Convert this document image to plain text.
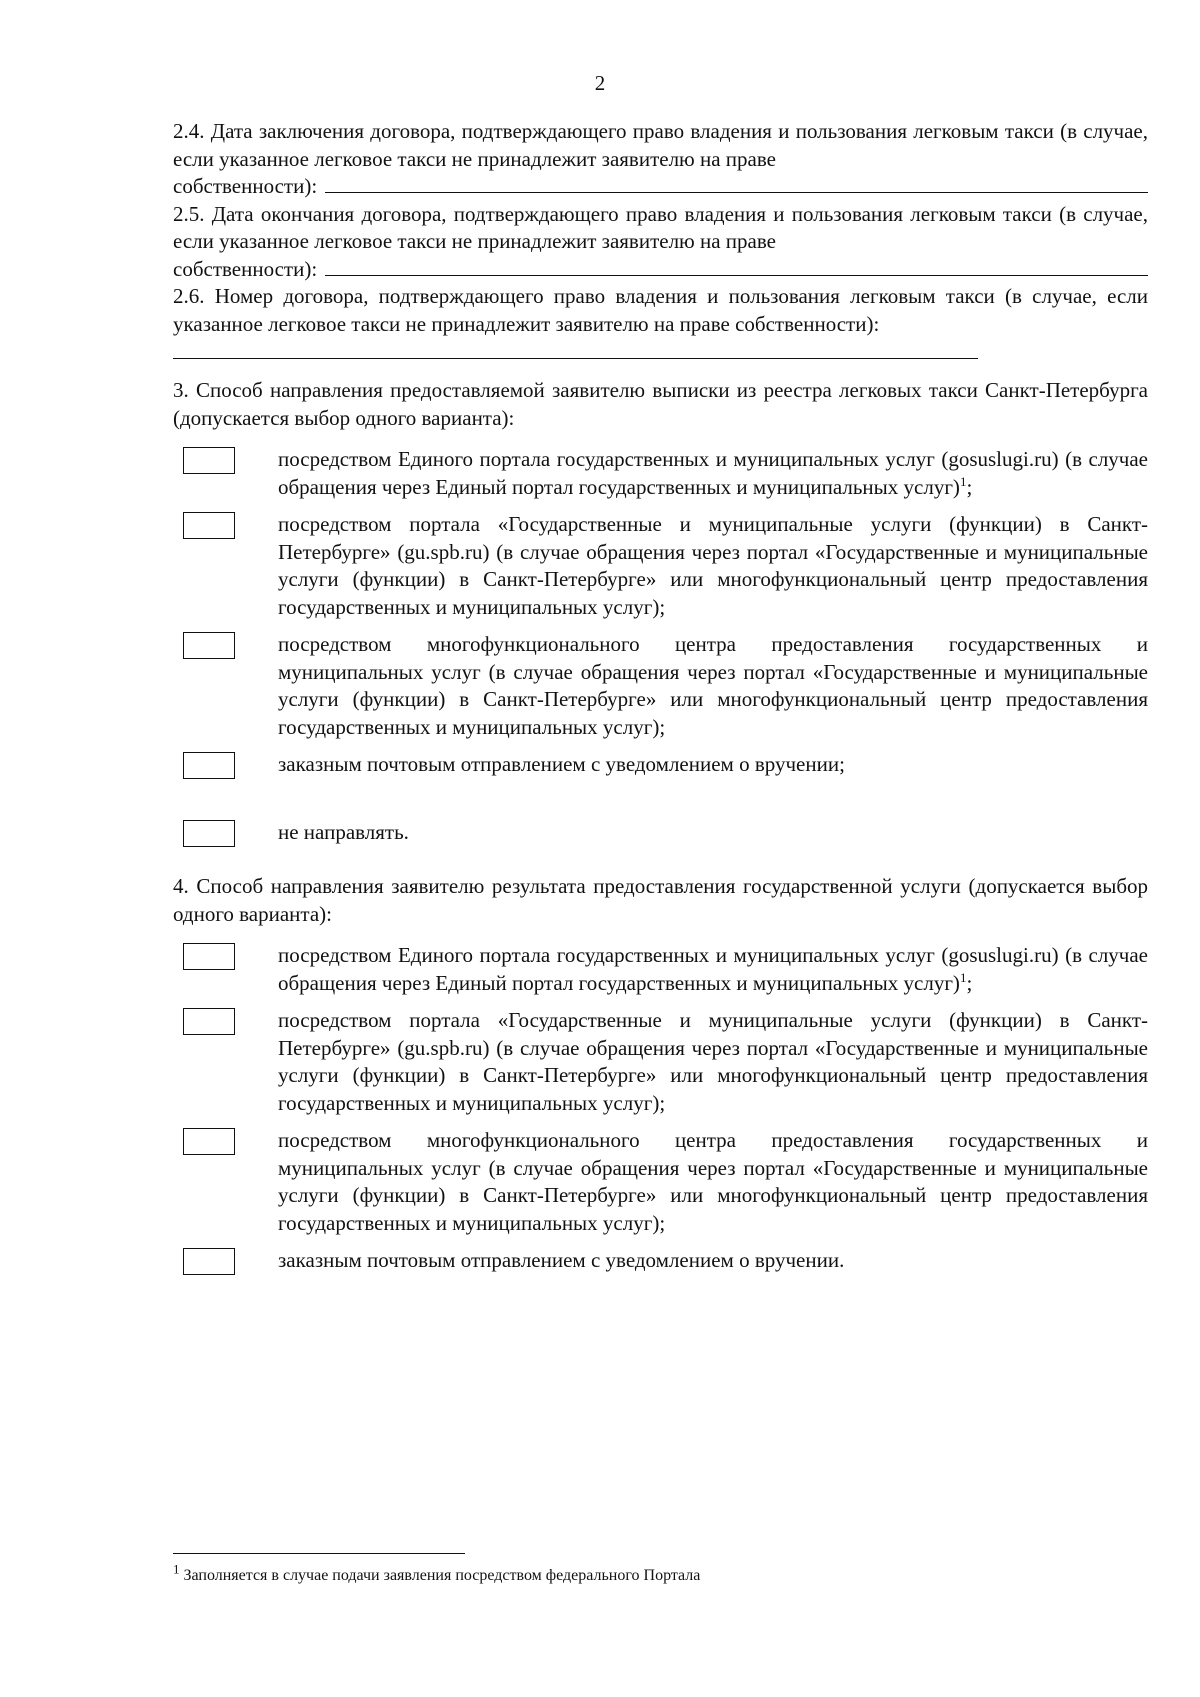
2

2.4. Дата заключения договора, подтверждающего право владения и пользования легковым такси (в случае, если указанное легковое такси не принадлежит заявителю на праве

собственности):

2.5. Дата окончания договора, подтверждающего право владения и пользования легковым такси (в случае, если указанное легковое такси не принадлежит заявителю на праве

собственности):

2.6. Номер договора, подтверждающего право владения и пользования легковым такси (в случае, если указанное легковое такси не принадлежит заявителю на праве собственности):

3. Способ направления предоставляемой заявителю выписки из реестра легковых такси Санкт-Петербурга (допускается выбор одного варианта):

посредством Единого портала государственных и муниципальных услуг (gosuslugi.ru) (в случае обращения через Единый портал государственных и муниципальных услуг)$^1$;
посредством портала «Государственные и муниципальные услуги (функции) в Санкт-Петербурге» (gu.spb.ru) (в случае обращения через портал «Государственные и муниципальные услуги (функции) в Санкт-Петербурге» или многофункциональный центр предоставления государственных и муниципальных услуг);
посредством многофункционального центра предоставления государственных и муниципальных услуг (в случае обращения через портал «Государственные и муниципальные услуги (функции) в Санкт-Петербурге» или многофункциональный центр предоставления государственных и муниципальных услуг);
заказным почтовым отправлением с уведомлением о вручении;
не направлять.

4. Способ направления заявителю результата предоставления государственной услуги (допускается выбор одного варианта):

посредством Единого портала государственных и муниципальных услуг (gosuslugi.ru) (в случае обращения через Единый портал государственных и муниципальных услуг)$^1$;
посредством портала «Государственные и муниципальные услуги (функции) в Санкт-Петербурге» (gu.spb.ru) (в случае обращения через портал «Государственные и муниципальные услуги (функции) в Санкт-Петербурге» или многофункциональный центр предоставления государственных и муниципальных услуг);
посредством многофункционального центра предоставления государственных и муниципальных услуг (в случае обращения через портал «Государственные и муниципальные услуги (функции) в Санкт-Петербурге» или многофункциональный центр предоставления государственных и муниципальных услуг);
заказным почтовым отправлением с уведомлением о вручении.
$^1$ Заполняется в случае подачи заявления посредством федерального Портала
